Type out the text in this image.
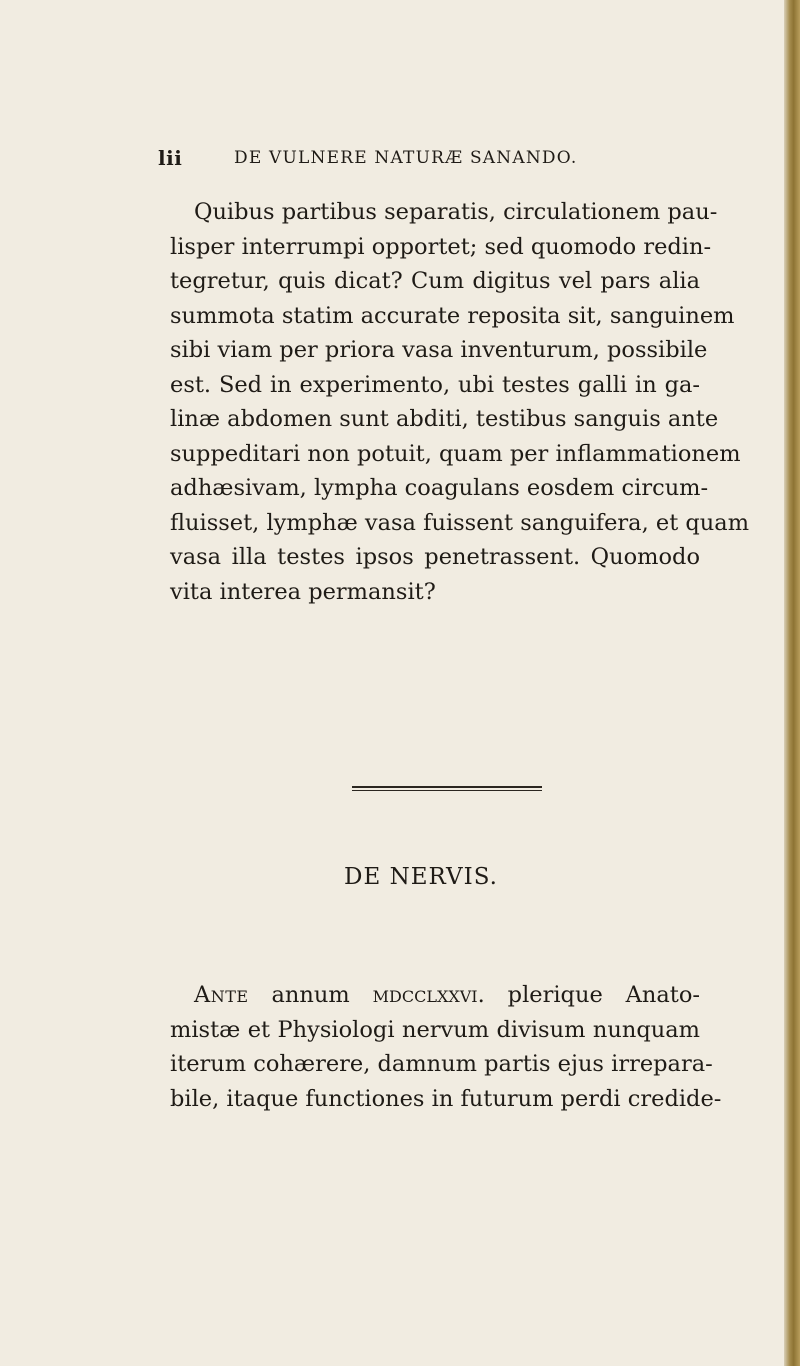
lii	DE VULNERE NATURÆ SANANDO.
Quibus partibus separatis, circulationem pau-
lisper interrumpi opportet; sed quomodo redin-
tegretur, quis dicat? Cum digitus vel pars alia
summota statim accurate reposita sit, sanguinem
sibi viam per priora vasa inventurum, possibile
est. Sed in experimento, ubi testes galli in ga-
linæ abdomen sunt abditi, testibus sanguis ante
suppeditari non potuit, quam per inflammationem
adhæsivam, lympha coagulans eosdem circum-
fluisset, lymphæ vasa fuissent sanguifera, et quam
vasa illa testes ipsos penetrassent. Quomodo
vita interea permansit?
DE NERVIS.
Ante annum mdcclxxvi. plerique Anato-
mistæ et Physiologi nervum divisum nunquam
iterum cohærere, damnum partis ejus irrepara-
bile, itaque functiones in futurum perdi credide-
